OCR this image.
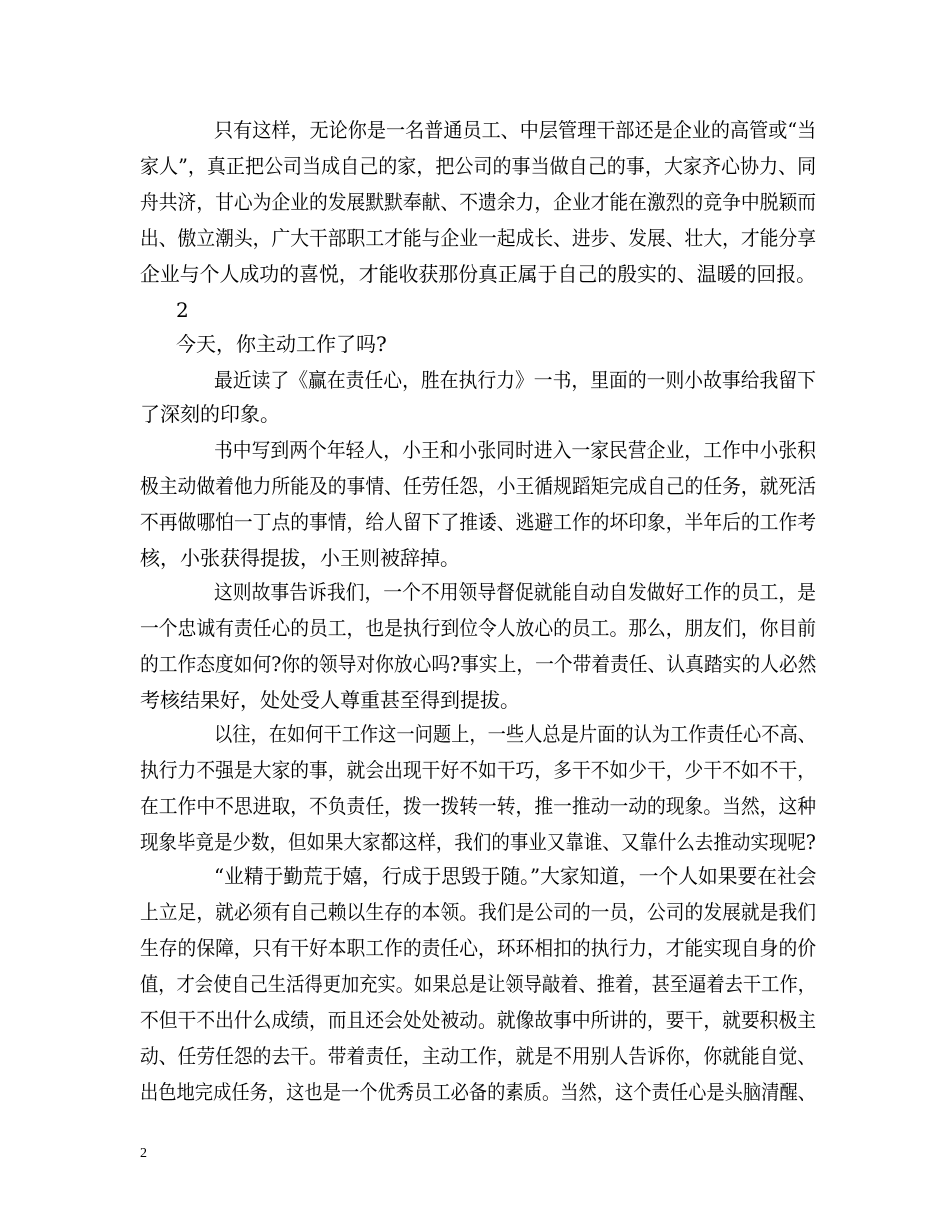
只有这样，无论你是一名普通员工、中层管理干部还是企业的高管或“当
家人”，真正把公司当成自己的家，把公司的事当做自己的事，大家齐心协力、同
舟共济，甘心为企业的发展默默奉献、不遗余力，企业才能在激烈的竞争中脱颖而
出、傲立潮头，广大干部职工才能与企业一起成长、进步、发展、壮大，才能分享
企业与个人成功的喜悦，才能收获那份真正属于自己的殷实的、温暖的回报。
2
今天，你主动工作了吗?
最近读了《赢在责任心，胜在执行力》一书，里面的一则小故事给我留下
了深刻的印象。
书中写到两个年轻人，小王和小张同时进入一家民营企业，工作中小张积
极主动做着他力所能及的事情、任劳任怨，小王循规蹈矩完成自己的任务，就死活
不再做哪怕一丁点的事情，给人留下了推诿、逃避工作的坏印象，半年后的工作考
核，小张获得提拔，小王则被辞掉。
这则故事告诉我们，一个不用领导督促就能自动自发做好工作的员工，是
一个忠诚有责任心的员工，也是执行到位令人放心的员工。那么，朋友们，你目前
的工作态度如何?你的领导对你放心吗?事实上，一个带着责任、认真踏实的人必然
考核结果好，处处受人尊重甚至得到提拔。
以往，在如何干工作这一问题上，一些人总是片面的认为工作责任心不高、
执行力不强是大家的事，就会出现干好不如干巧，多干不如少干，少干不如不干，
在工作中不思进取，不负责任，拨一拨转一转，推一推动一动的现象。当然，这种
现象毕竟是少数，但如果大家都这样，我们的事业又靠谁、又靠什么去推动实现呢?
“业精于勤荒于嬉，行成于思毁于随。”大家知道，一个人如果要在社会
上立足，就必须有自己赖以生存的本领。我们是公司的一员，公司的发展就是我们
生存的保障，只有干好本职工作的责任心，环环相扣的执行力，才能实现自身的价
值，才会使自己生活得更加充实。如果总是让领导敲着、推着，甚至逼着去干工作，
不但干不出什么成绩，而且还会处处被动。就像故事中所讲的，要干，就要积极主
动、任劳任怨的去干。带着责任，主动工作，就是不用别人告诉你，你就能自觉、
出色地完成任务，这也是一个优秀员工必备的素质。当然，这个责任心是头脑清醒、
2
